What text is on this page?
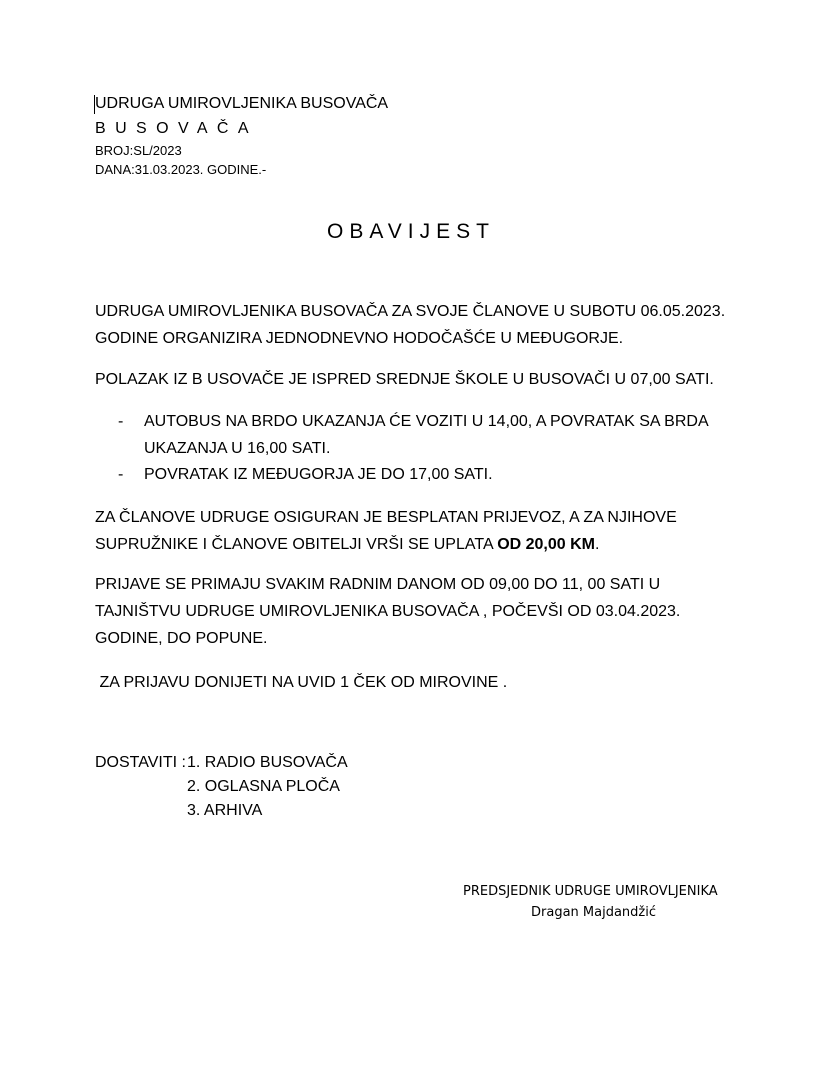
UDRUGA UMIROVLJENIKA BUSOVAČA
BUSOVAČA
BROJ:SL/2023
DANA:31.03.2023. GODINE.-
OBAVIJEST
UDRUGA UMIROVLJENIKA BUSOVAČA ZA SVOJE ČLANOVE U SUBOTU 06.05.2023.
GODINE ORGANIZIRA JEDNODNEVNO HODOČAŠĆE U MEĐUGORJE.
POLAZAK IZ B USOVAČE JE ISPRED SREDNJE ŠKOLE U BUSOVAČI U 07,00 SATI.
- AUTOBUS NA BRDO UKAZANJA ĆE VOZITI U 14,00, A POVRATAK SA BRDA
UKAZANJA U 16,00 SATI.
- POVRATAK IZ MEĐUGORJA JE DO 17,00 SATI.
ZA ČLANOVE UDRUGE OSIGURAN JE BESPLATAN PRIJEVOZ, A ZA NJIHOVE
SUPRUŽNIKE I ČLANOVE OBITELJI VRŠI SE UPLATA OD 20,00 KM.
PRIJAVE SE PRIMAJU SVAKIM RADNIM DANOM OD 09,00 DO 11, 00 SATI U
TAJNIŠTVU UDRUGE UMIROVLJENIKA BUSOVAČA , POČEVŠI OD 03.04.2023.
GODINE, DO POPUNE.
ZA PRIJAVU DONIJETI NA UVID 1 ČEK OD MIROVINE .
DOSTAVITI : 1. RADIO BUSOVAČA
2. OGLASNA PLOČA
3. ARHIVA
PREDSJEDNIK UDRUGE UMIROVLJENIKA
Dragan Majdandžić
